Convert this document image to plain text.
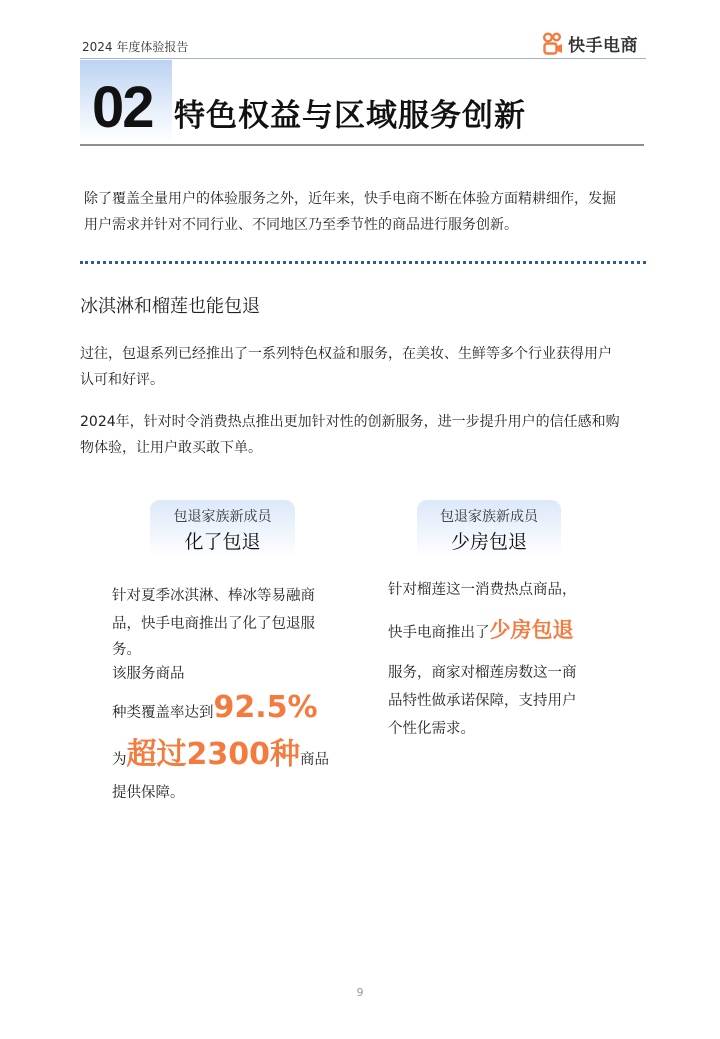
2024 年度体验报告	快手电商
02 特色权益与区域服务创新
除了覆盖全量用户的体验服务之外，近年来，快手电商不断在体验方面精耕细作，发掘
用户需求并针对不同行业、不同地区乃至季节性的商品进行服务创新。
冰淇淋和榴莲也能包退
过往，包退系列已经推出了一系列特色权益和服务，在美妆、生鲜等多个行业获得用户
认可和好评。
2024年，针对时令消费热点推出更加针对性的创新服务，进一步提升用户的信任感和购
物体验，让用户敢买敢下单。
包退家族新成员
化了包退
包退家族新成员
少房包退
针对夏季冰淇淋、棒冰等易融商
品，快手电商推出了化了包退服
务。
该服务商品
种类覆盖率达到92.5%
为超过2300种商品
提供保障。
针对榴莲这一消费热点商品，
快手电商推出了少房包退
服务，商家对榴莲房数这一商
品特性做承诺保障，支持用户
个性化需求。
9
